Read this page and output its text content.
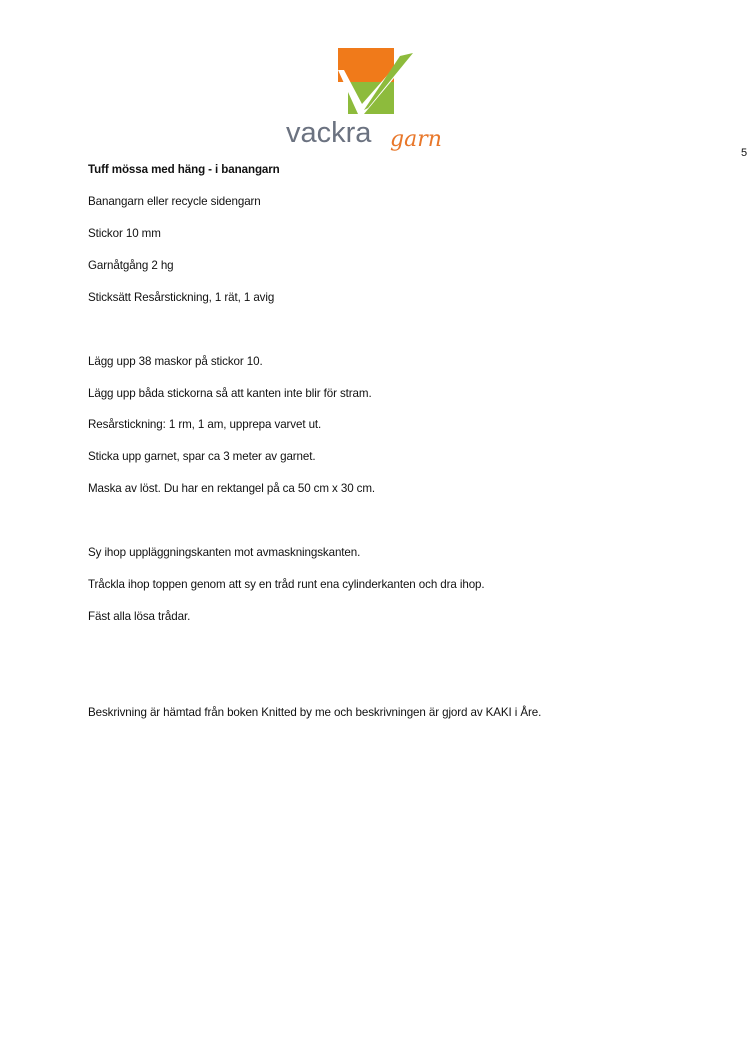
vackra garn
5
Tuff mössa med häng - i banangarn
Banangarn eller recycle sidengarn
Stickor 10 mm
Garnåtgång 2 hg
Sticksätt Resårstickning, 1 rät, 1 avig
Lägg upp 38 maskor på stickor 10.
Lägg upp båda stickorna så att kanten inte blir för stram.
Resårstickning: 1 rm, 1 am, upprepa varvet ut.
Sticka upp garnet, spar ca 3 meter av garnet.
Maska av löst. Du har en rektangel på ca 50 cm x 30 cm.
Sy ihop uppläggningskanten mot avmaskningskanten.
Tråckla ihop toppen genom att sy en tråd runt ena cylinderkanten och dra ihop.
Fäst alla lösa trådar.
Beskrivning är hämtad från boken Knitted by me och beskrivningen är gjord av KAKI i Åre.
